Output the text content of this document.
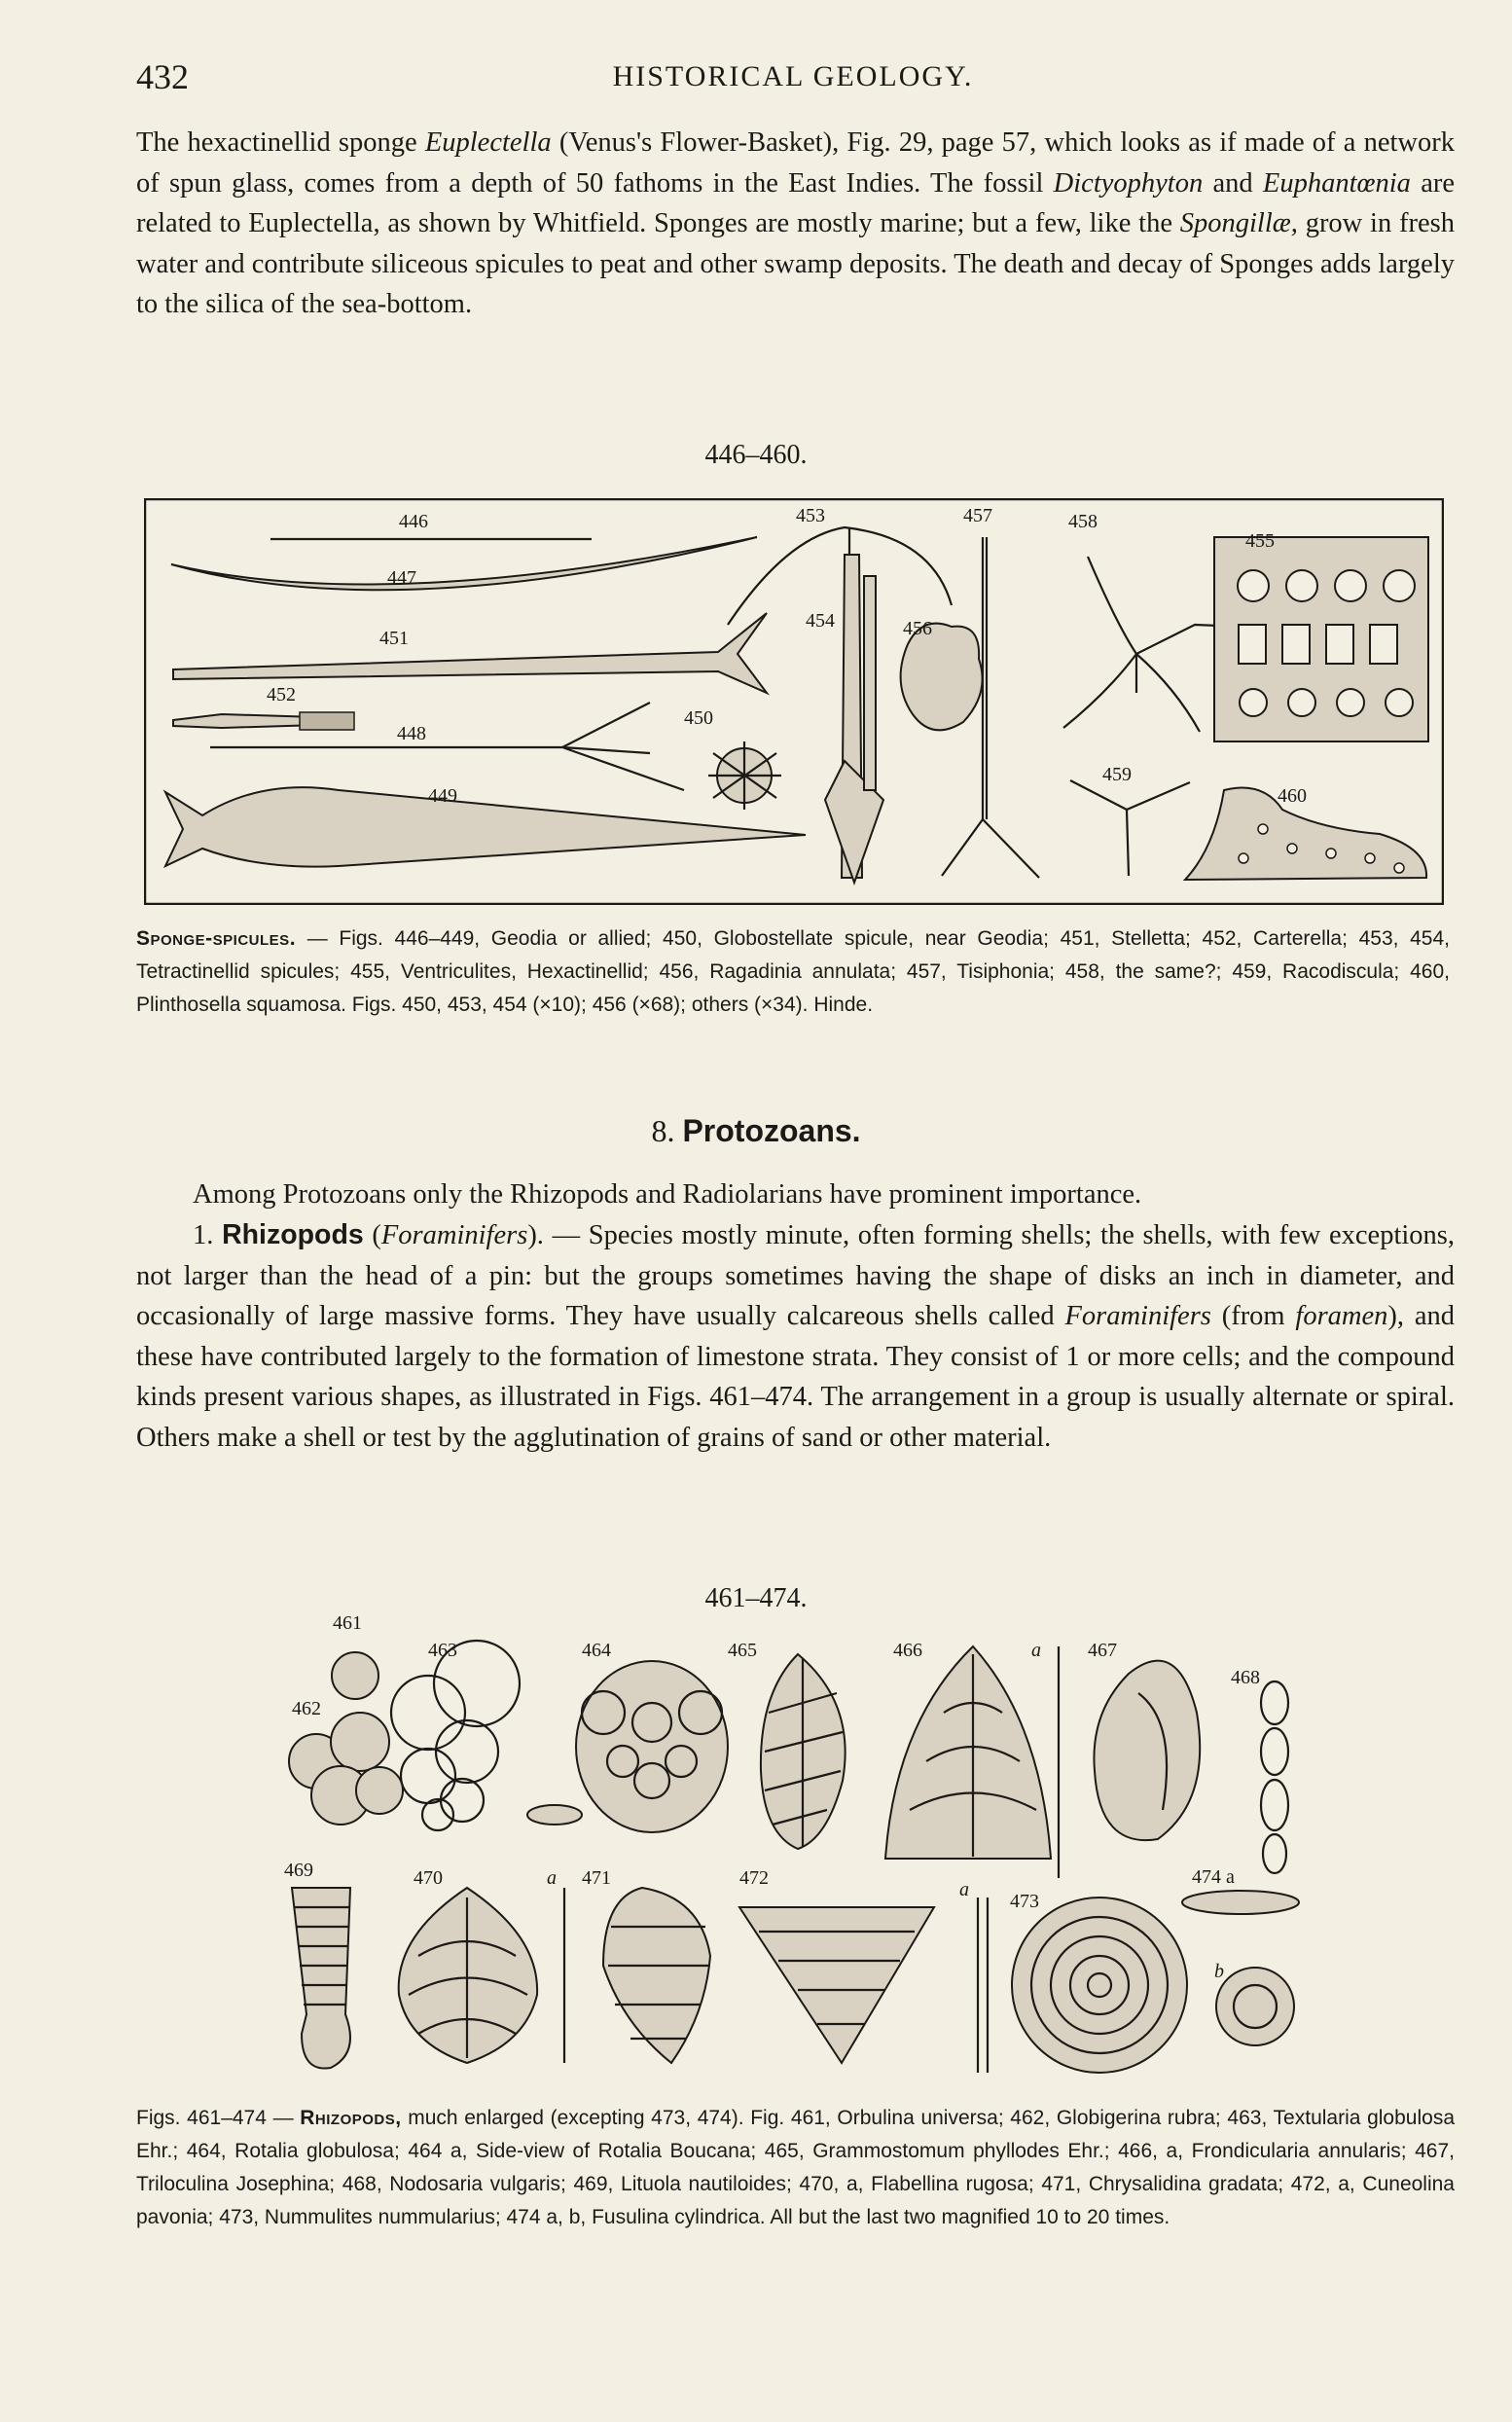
432	HISTORICAL GEOLOGY.

The hexactinellid sponge Euplectella (Venus's Flower-Basket), Fig. 29, page 57, which looks as if made of a network of spun glass, comes from a depth of 50 fathoms in the East Indies. The fossil Dictyophyton and Euphantœnia are related to Euplectella, as shown by Whitfield. Sponges are mostly marine; but a few, like the Spongillæ, grow in fresh water and contribute siliceous spicules to peat and other swamp deposits. The death and decay of Sponges adds largely to the silica of the sea-bottom.

446–460.
446
447
451
452
448
449
450
453
454	456
457	458
459
455
460
Sponge-spicules. — Figs. 446–449, Geodia or allied; 450, Globostellate spicule, near Geodia; 451, Stelletta; 452, Carterella; 453, 454, Tetractinellid spicules; 455, Ventriculites, Hexactinellid; 456, Ragadinia annulata; 457, Tisiphonia; 458, the same?; 459, Racodiscula; 460, Plinthosella squamosa. Figs. 450, 453, 454 (×10); 456 (×68); others (×34). Hinde.
8. Protozoans.

Among Protozoans only the Rhizopods and Radiolarians have prominent importance.

1. Rhizopods (Foraminifers). — Species mostly minute, often forming shells; the shells, with few exceptions, not larger than the head of a pin: but the groups sometimes having the shape of disks an inch in diameter, and occasionally of large massive forms. They have usually calcareous shells called Foraminifers (from foramen), and these have contributed largely to the formation of limestone strata. They consist of 1 or more cells; and the compound kinds present various shapes, as illustrated in Figs. 461–474. The arrangement in a group is usually alternate or spiral. Others make a shell or test by the agglutination of grains of sand or other material.

461–474.
461
462
463	464	465	466	a 467
468
469	470	a 471	472
a
473
474 a
b
Figs. 461–474 — Rhizopods, much enlarged (excepting 473, 474). Fig. 461, Orbulina universa; 462, Globigerina rubra; 463, Textularia globulosa Ehr.; 464, Rotalia globulosa; 464 a, Side-view of Rotalia Boucana; 465, Grammostomum phyllodes Ehr.; 466, a, Frondicularia annularis; 467, Triloculina Josephina; 468, Nodosaria vulgaris; 469, Lituola nautiloides; 470, a, Flabellina rugosa; 471, Chrysalidina gradata; 472, a, Cuneolina pavonia; 473, Nummulites nummularius; 474 a, b, Fusulina cylindrica. All but the last two magnified 10 to 20 times.
